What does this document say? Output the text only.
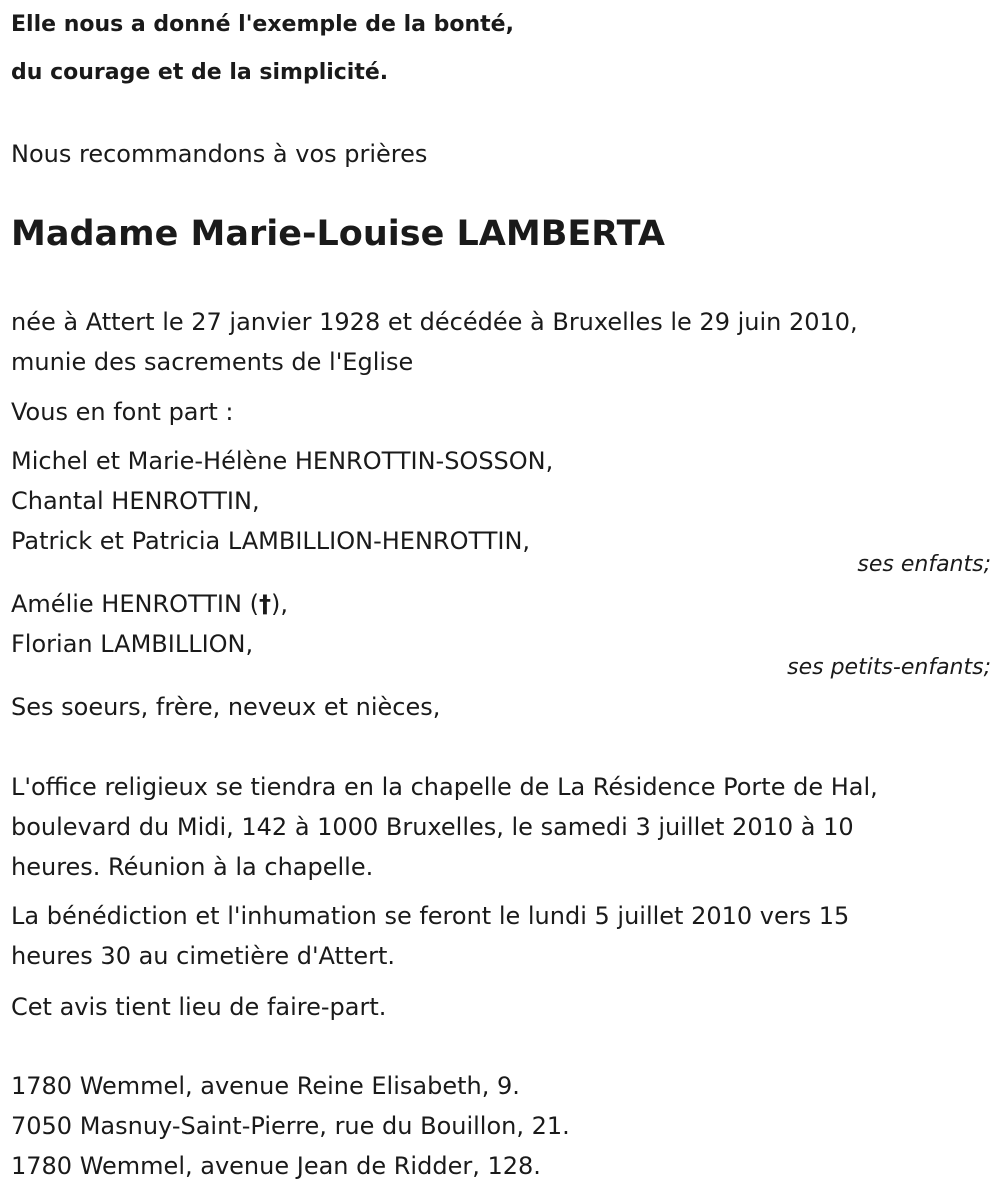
Elle nous a donné l'exemple de la bonté,
du courage et de la simplicité.
Nous recommandons à vos prières
Madame Marie-Louise LAMBERTA
née à Attert le 27 janvier 1928 et décédée à Bruxelles le 29 juin 2010,
munie des sacrements de l'Eglise
Vous en font part :
Michel et Marie-Hélène HENROTTIN-SOSSON,
Chantal HENROTTIN,
Patrick et Patricia LAMBILLION-HENROTTIN,
ses enfants;
Amélie HENROTTIN (†),
Florian LAMBILLION,
ses petits-enfants;
Ses soeurs, frère, neveux et nièces,
L'office religieux se tiendra en la chapelle de La Résidence Porte de Hal,
boulevard du Midi, 142 à 1000 Bruxelles, le samedi 3 juillet 2010 à 10
heures. Réunion à la chapelle.
La bénédiction et l'inhumation se feront le lundi 5 juillet 2010 vers 15
heures 30 au cimetière d'Attert.
Cet avis tient lieu de faire-part.
1780 Wemmel, avenue Reine Elisabeth, 9.
7050 Masnuy-Saint-Pierre, rue du Bouillon, 21.
1780 Wemmel, avenue Jean de Ridder, 128.
